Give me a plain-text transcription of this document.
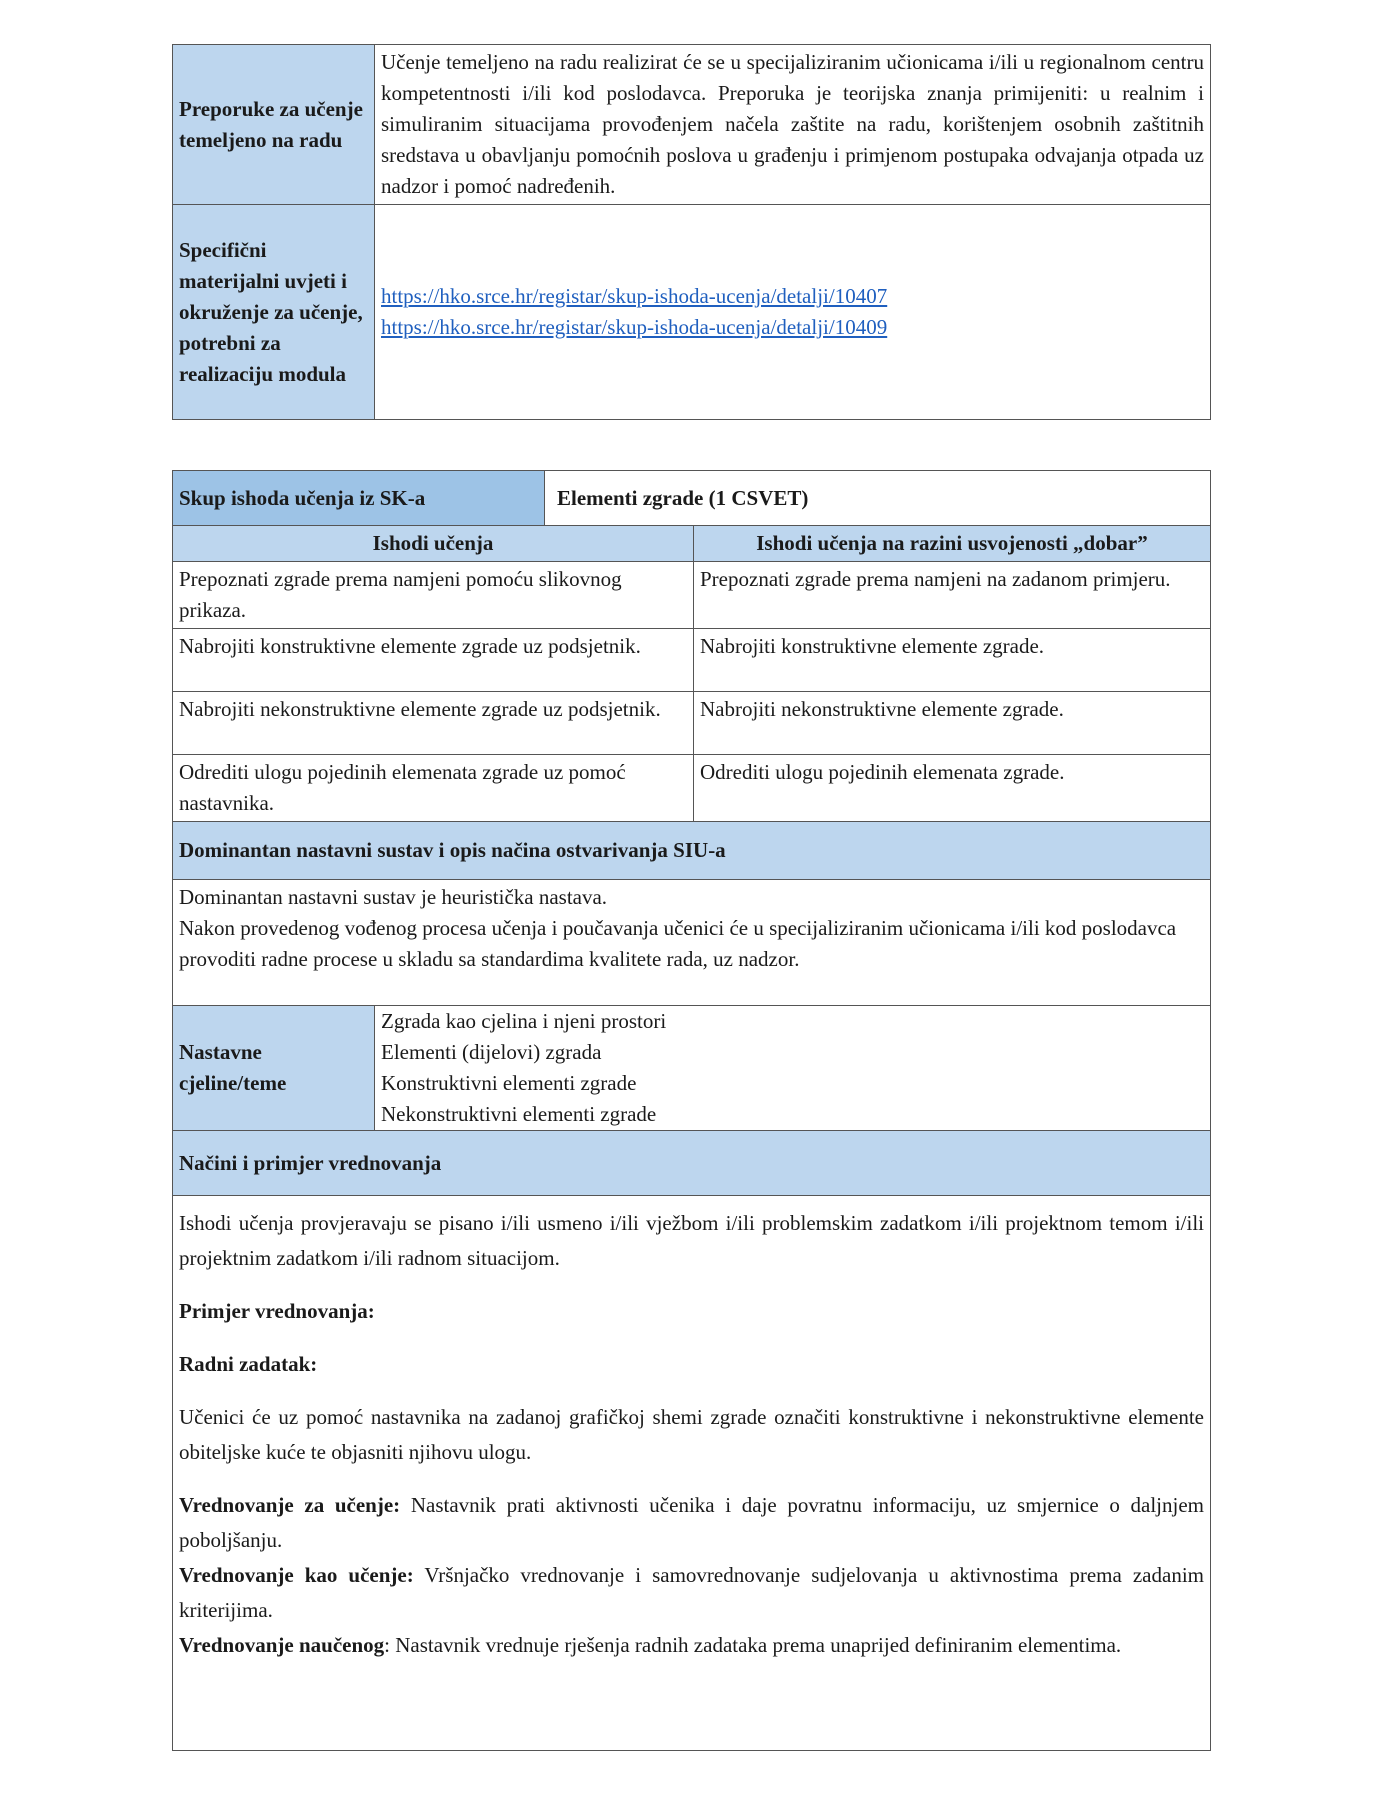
Preporuke za učenje temeljeno na radu	Učenje temeljeno na radu realizirat će se u specijaliziranim učionicama i/ili u regionalnom centru kompetentnosti i/ili kod poslodavca. Preporuka je teorijska znanja primijeniti: u realnim i simuliranim situacijama provođenjem načela zaštite na radu, korištenjem osobnih zaštitnih sredstava u obavljanju pomoćnih poslova u građenju i primjenom postupaka odvajanja otpada uz nadzor i pomoć nadređenih.
Specifični materijalni uvjeti i okruženje za učenje, potrebni za realizaciju modula	https://hko.srce.hr/registar/skup-ishoda-ucenja/detalji/10407
https://hko.srce.hr/registar/skup-ishoda-ucenja/detalji/10409
Skup ishoda učenja iz SK-a		Elementi zgrade (1 CSVET)	
Ishodi učenja			Ishodi učenja na razini usvojenosti „dobar”
Prepoznati zgrade prema namjeni pomoću slikovnog prikaza.			Prepoznati zgrade prema namjeni na zadanom primjeru.
Nabrojiti konstruktivne elemente zgrade uz podsjetnik.			Nabrojiti konstruktivne elemente zgrade.
Nabrojiti nekonstruktivne elemente zgrade uz podsjetnik.			Nabrojiti nekonstruktivne elemente zgrade.
Odrediti ulogu pojedinih elemenata zgrade uz pomoć nastavnika.			Odrediti ulogu pojedinih elemenata zgrade.
Dominantan nastavni sustav i opis načina ostvarivanja SIU-a			

Dominantan nastavni sustav je heuristička nastava.

Nakon provedenog vođenog procesa učenja i poučavanja učenici će u specijaliziranim učionicama i/ili kod poslodavca provoditi radne procese u skladu sa standardima kvalitete rada, uz nadzor.			

Nastavne cjeline/teme	Zgrada kao cjelina i njeni prostori
Elementi (dijelovi) zgrada
Konstruktivni elementi zgrade
Nekonstruktivni elementi zgrade		

Načini i primjer vrednovanja			

Ishodi učenja provjeravaju se pisano i/ili usmeno i/ili vježbom i/ili problemskim zadatkom i/ili projektnom temom i/ili projektnim zadatkom i/ili radnom situacijom.

Primjer vrednovanja:

Radni zadatak:

Učenici će uz pomoć nastavnika na zadanoj grafičkoj shemi zgrade označiti konstruktivne i nekonstruktivne elemente obiteljske kuće te objasniti njihovu ulogu.

Vrednovanje za učenje: Nastavnik prati aktivnosti učenika i daje povratnu informaciju, uz smjernice o daljnjem poboljšanju.

Vrednovanje kao učenje: Vršnjačko vrednovanje i samovrednovanje sudjelovanja u aktivnostima prema zadanim kriterijima.

Vrednovanje naučenog: Nastavnik vrednuje rješenja radnih zadataka prema unaprijed definiranim elementima.
